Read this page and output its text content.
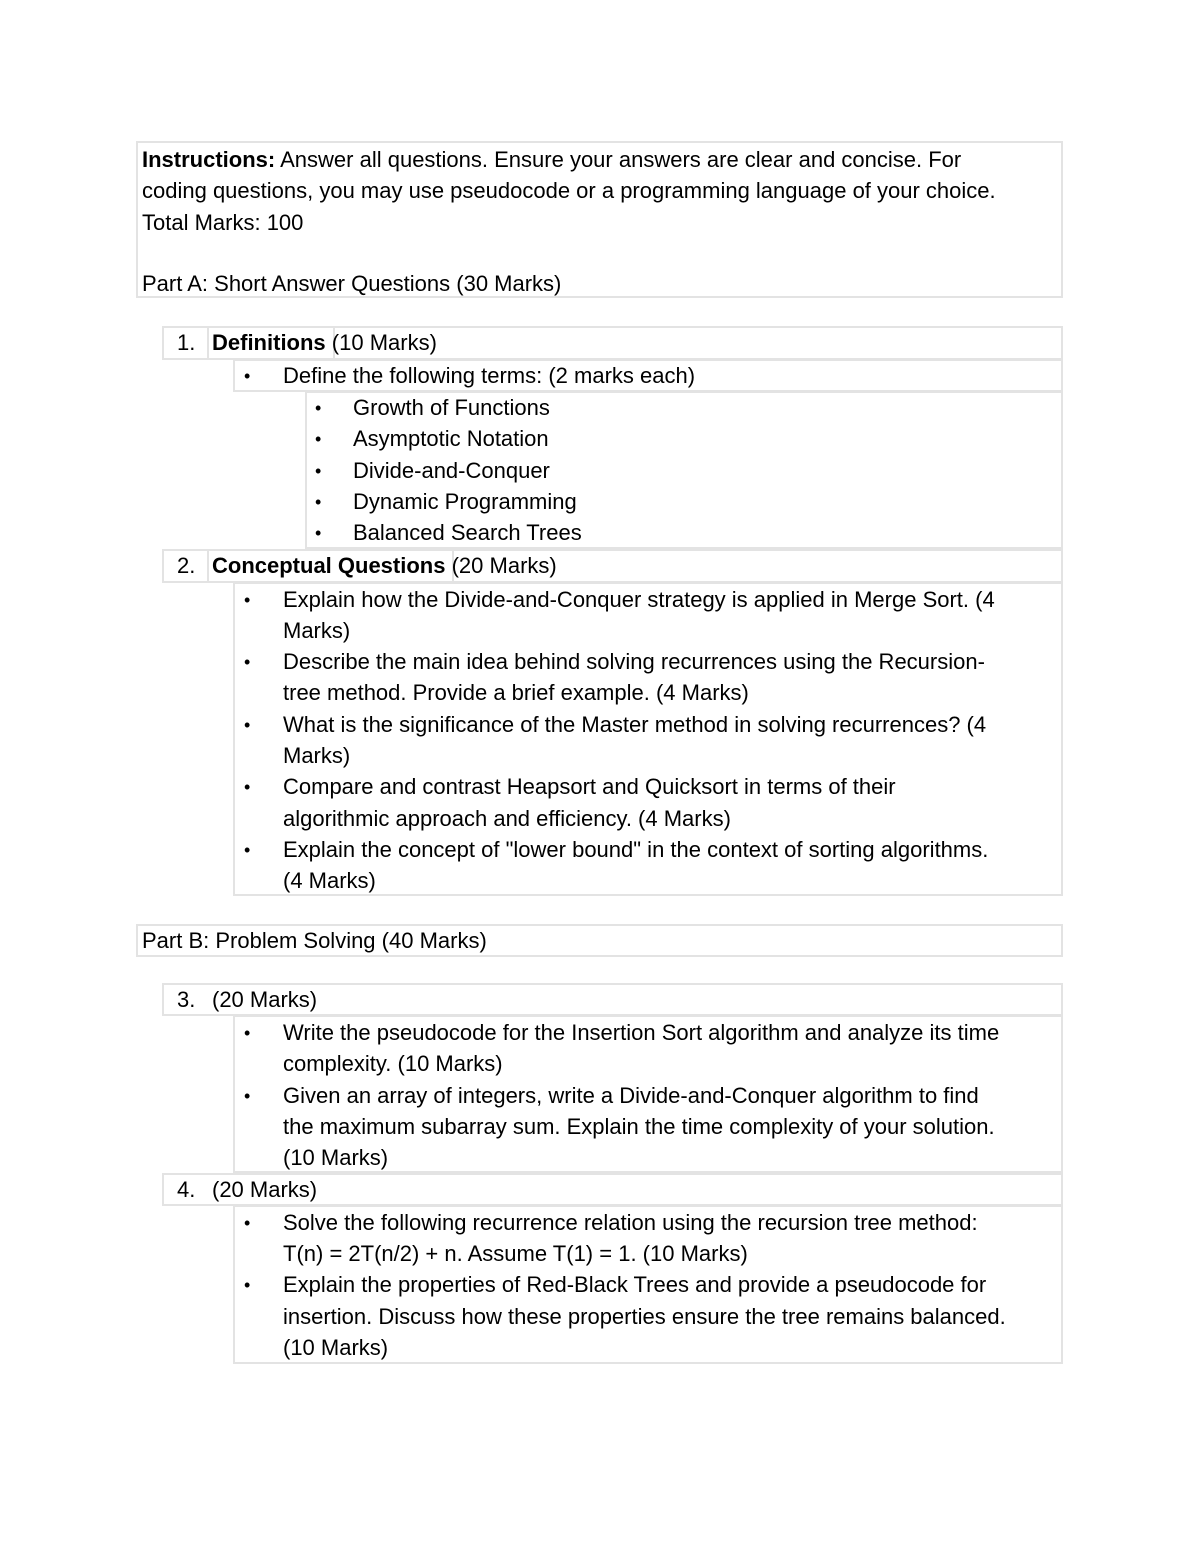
Instructions: Answer all questions. Ensure your answers are clear and concise. For
coding questions, you may use pseudocode or a programming language of your choice.
Total Marks: 100
Part A: Short Answer Questions (30 Marks)
1. Definitions (10 Marks)
• Define the following terms: (2 marks each)
• Growth of Functions
• Asymptotic Notation
• Divide-and-Conquer
• Dynamic Programming
• Balanced Search Trees
2. Conceptual Questions (20 Marks)
• Explain how the Divide-and-Conquer strategy is applied in Merge Sort. (4
Marks)
• Describe the main idea behind solving recurrences using the Recursion-
tree method. Provide a brief example. (4 Marks)
• What is the significance of the Master method in solving recurrences? (4
Marks)
• Compare and contrast Heapsort and Quicksort in terms of their
algorithmic approach and efficiency. (4 Marks)
• Explain the concept of "lower bound" in the context of sorting algorithms.
(4 Marks)
Part B: Problem Solving (40 Marks)
3. (20 Marks)
• Write the pseudocode for the Insertion Sort algorithm and analyze its time
complexity. (10 Marks)
• Given an array of integers, write a Divide-and-Conquer algorithm to find
the maximum subarray sum. Explain the time complexity of your solution.
(10 Marks)
4. (20 Marks)
• Solve the following recurrence relation using the recursion tree method:
T(n) = 2T(n/2) + n. Assume T(1) = 1. (10 Marks)
• Explain the properties of Red-Black Trees and provide a pseudocode for
insertion. Discuss how these properties ensure the tree remains balanced.
(10 Marks)
